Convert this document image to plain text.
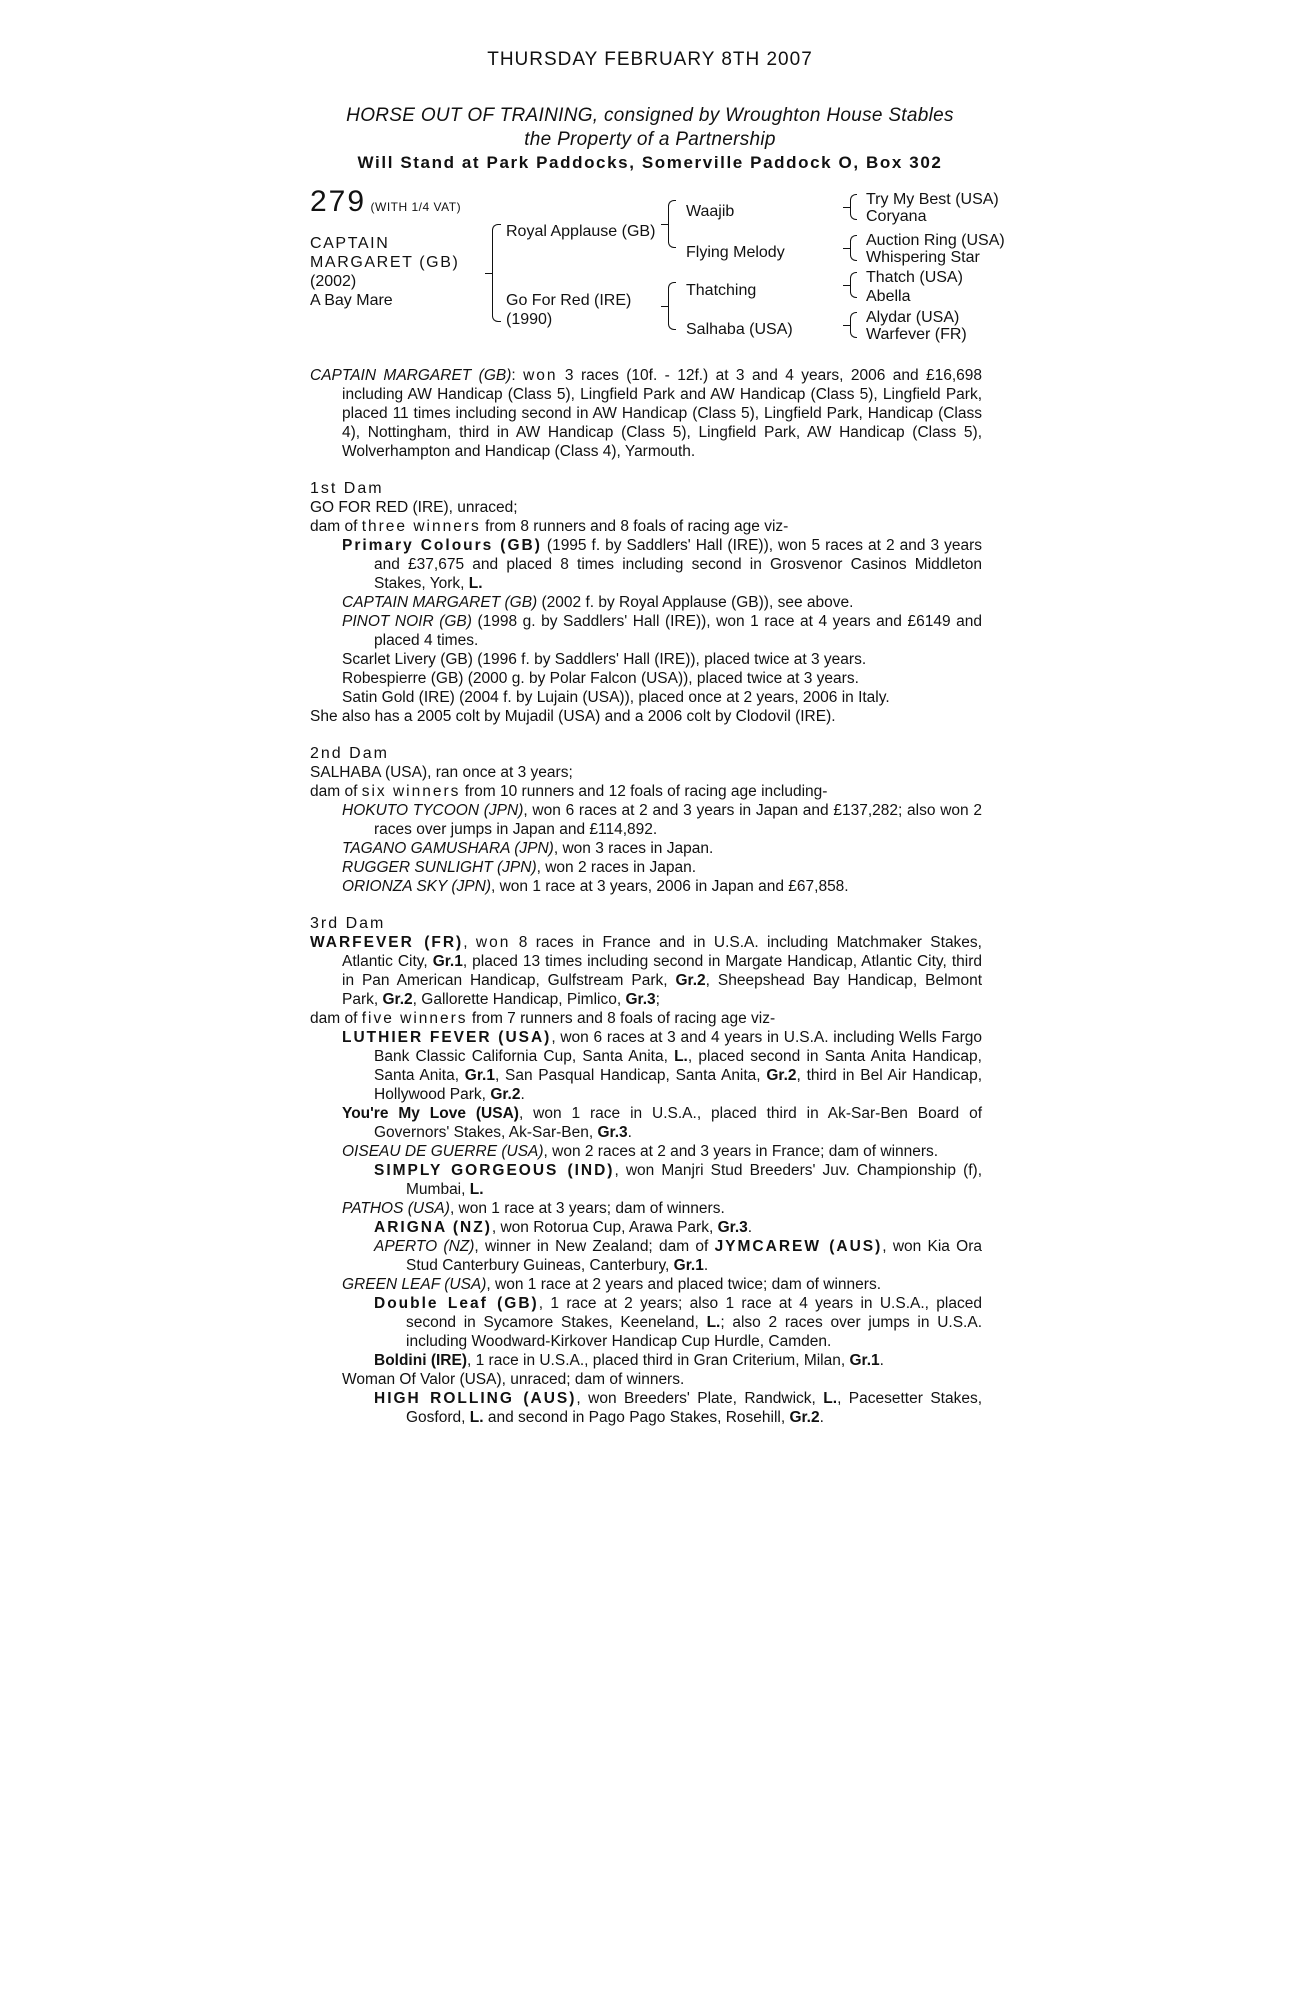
THURSDAY FEBRUARY 8TH 2007
HORSE OUT OF TRAINING, consigned by Wroughton House Stables
the Property of a Partnership
Will Stand at Park Paddocks, Somerville Paddock O, Box 302
279 (WITH 1/4 VAT)
CAPTAIN
MARGARET (GB)
(2002)
A Bay Mare
Royal Applause (GB)
Go For Red (IRE)
(1990)
Waajib
Flying Melody
Thatching
Salhaba (USA)
Try My Best (USA)
Coryana
Auction Ring (USA)
Whispering Star
Thatch (USA)
Abella
Alydar (USA)
Warfever (FR)

CAPTAIN MARGARET (GB): won 3 races (10f. - 12f.) at 3 and 4 years, 2006 and £16,698 including AW Handicap (Class 5), Lingfield Park and AW Handicap (Class 5), Lingfield Park, placed 11 times including second in AW Handicap (Class 5), Lingfield Park, Handicap (Class 4), Nottingham, third in AW Handicap (Class 5), Lingfield Park, AW Handicap (Class 5), Wolverhampton and Handicap (Class 4), Yarmouth.

1st Dam

GO FOR RED (IRE), unraced;

dam of three winners from 8 runners and 8 foals of racing age viz-

Primary Colours (GB) (1995 f. by Saddlers' Hall (IRE)), won 5 races at 2 and 3 years and £37,675 and placed 8 times including second in Grosvenor Casinos Middleton Stakes, York, L.

CAPTAIN MARGARET (GB) (2002 f. by Royal Applause (GB)), see above.

PINOT NOIR (GB) (1998 g. by Saddlers' Hall (IRE)), won 1 race at 4 years and £6149 and placed 4 times.

Scarlet Livery (GB) (1996 f. by Saddlers' Hall (IRE)), placed twice at 3 years.

Robespierre (GB) (2000 g. by Polar Falcon (USA)), placed twice at 3 years.

Satin Gold (IRE) (2004 f. by Lujain (USA)), placed once at 2 years, 2006 in Italy.

She also has a 2005 colt by Mujadil (USA) and a 2006 colt by Clodovil (IRE).

2nd Dam

SALHABA (USA), ran once at 3 years;

dam of six winners from 10 runners and 12 foals of racing age including-

HOKUTO TYCOON (JPN), won 6 races at 2 and 3 years in Japan and £137,282; also won 2 races over jumps in Japan and £114,892.

TAGANO GAMUSHARA (JPN), won 3 races in Japan.

RUGGER SUNLIGHT (JPN), won 2 races in Japan.

ORIONZA SKY (JPN), won 1 race at 3 years, 2006 in Japan and £67,858.

3rd Dam

WARFEVER (FR), won 8 races in France and in U.S.A. including Matchmaker Stakes, Atlantic City, Gr.1, placed 13 times including second in Margate Handicap, Atlantic City, third in Pan American Handicap, Gulfstream Park, Gr.2, Sheepshead Bay Handicap, Belmont Park, Gr.2, Gallorette Handicap, Pimlico, Gr.3;

dam of five winners from 7 runners and 8 foals of racing age viz-

LUTHIER FEVER (USA), won 6 races at 3 and 4 years in U.S.A. including Wells Fargo Bank Classic California Cup, Santa Anita, L., placed second in Santa Anita Handicap, Santa Anita, Gr.1, San Pasqual Handicap, Santa Anita, Gr.2, third in Bel Air Handicap, Hollywood Park, Gr.2.

You're My Love (USA), won 1 race in U.S.A., placed third in Ak-Sar-Ben Board of Governors' Stakes, Ak-Sar-Ben, Gr.3.

OISEAU DE GUERRE (USA), won 2 races at 2 and 3 years in France; dam of winners.

SIMPLY GORGEOUS (IND), won Manjri Stud Breeders' Juv. Championship (f), Mumbai, L.

PATHOS (USA), won 1 race at 3 years; dam of winners.

ARIGNA (NZ), won Rotorua Cup, Arawa Park, Gr.3.

APERTO (NZ), winner in New Zealand; dam of JYMCAREW (AUS), won Kia Ora Stud Canterbury Guineas, Canterbury, Gr.1.

GREEN LEAF (USA), won 1 race at 2 years and placed twice; dam of winners.

Double Leaf (GB), 1 race at 2 years; also 1 race at 4 years in U.S.A., placed second in Sycamore Stakes, Keeneland, L.; also 2 races over jumps in U.S.A. including Woodward-Kirkover Handicap Cup Hurdle, Camden.

Boldini (IRE), 1 race in U.S.A., placed third in Gran Criterium, Milan, Gr.1.

Woman Of Valor (USA), unraced; dam of winners.

HIGH ROLLING (AUS), won Breeders' Plate, Randwick, L., Pacesetter Stakes, Gosford, L. and second in Pago Pago Stakes, Rosehill, Gr.2.
